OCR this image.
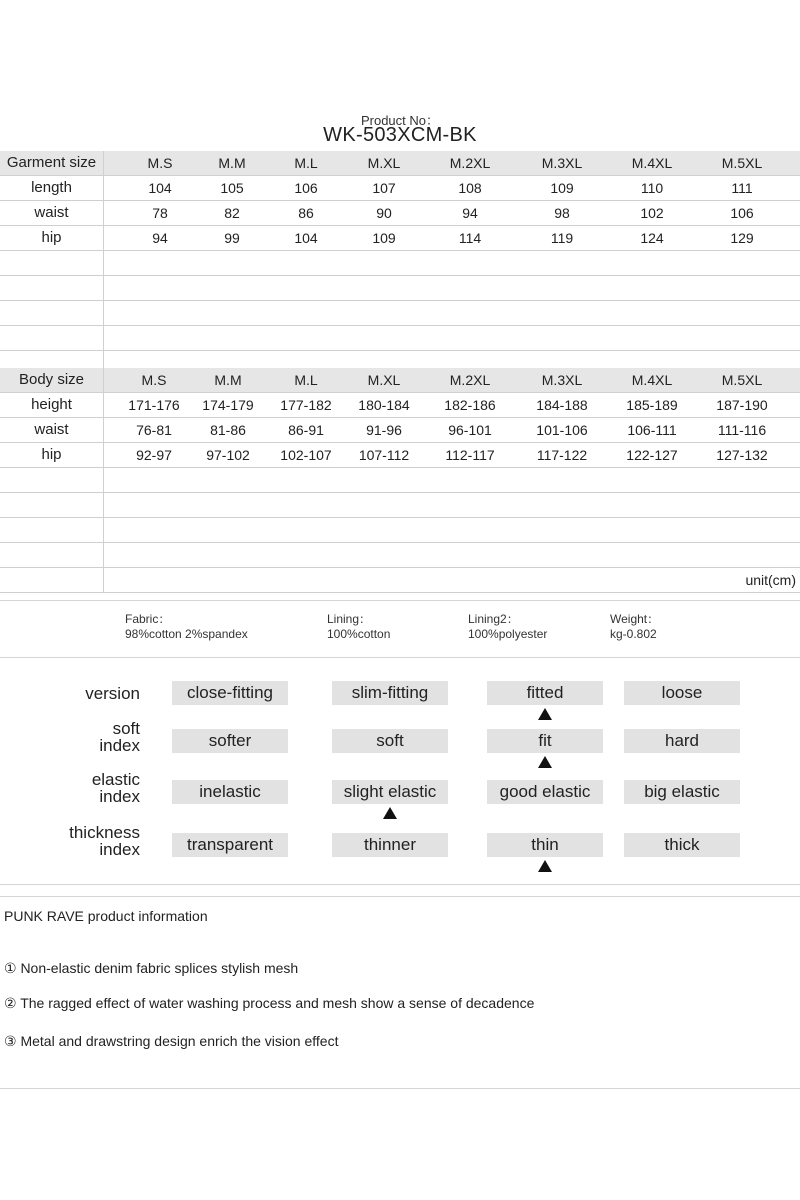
Product No：
WK-503XCM-BK
Garment size	M.S	M.M	M.L	M.XL	M.2XL	M.3XL	M.4XL	M.5XL
length	104	105	106	107	108	109	110	111
waist	78	82	86	90	94	98	102	106
hip	94	99	104	109	114	119	124	129
Body size	M.S	M.M	M.L	M.XL	M.2XL	M.3XL	M.4XL	M.5XL
height	171-176	174-179	177-182	180-184	182-186	184-188	185-189	187-190
waist	76-81	81-86	86-91	91-96	96-101	101-106	106-111	111-116
hip	92-97	97-102	102-107	107-112	112-117	117-122	122-127	127-132
unit(cm)
Fabric：
98%cotton 2%spandex
Lining：
100%cotton
Lining2：
100%polyester
Weight：
kg-0.802
version	close-fitting	slim-fitting	fitted	loose
soft
index	softer	soft	fit	hard
elastic
index	inelastic	slight elastic	good elastic	big elastic
thickness
index	transparent	thinner	thin	thick
PUNK RAVE product information
① Non-elastic denim fabric splices stylish mesh
② The ragged effect of water washing process and mesh show a sense of decadence
③ Metal and drawstring design enrich the vision effect
